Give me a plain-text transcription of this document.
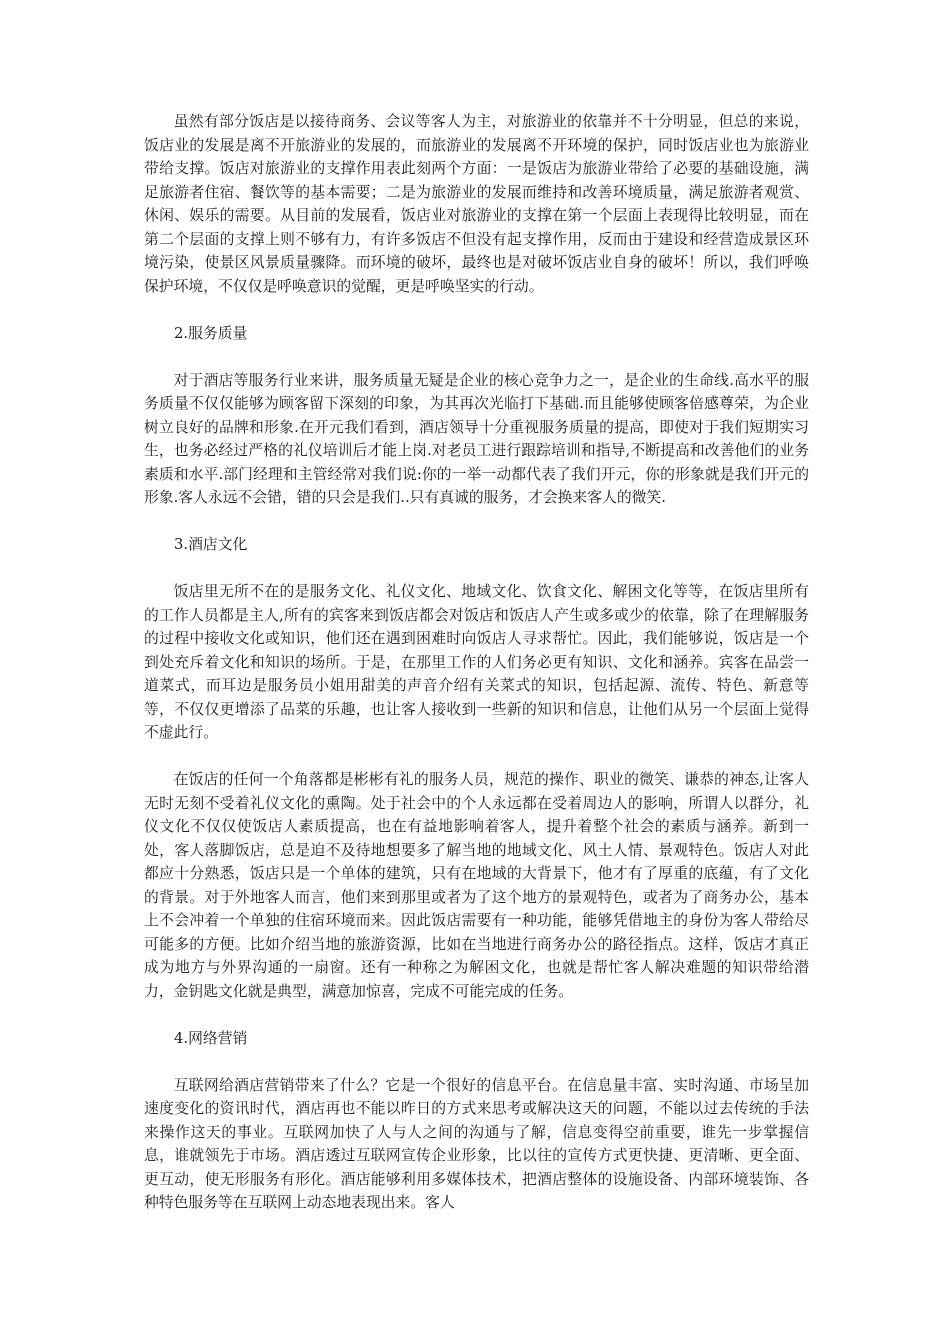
虽然有部分饭店是以接待商务、会议等客人为主，对旅游业的依靠并不十分明显，但总的来说，饭店业的发展是离不开旅游业的发展的，而旅游业的发展离不开环境的保护，同时饭店业也为旅游业带给支撑。饭店对旅游业的支撑作用表此刻两个方面：一是饭店为旅游业带给了必要的基础设施，满足旅游者住宿、餐饮等的基本需要；二是为旅游业的发展而维持和改善环境质量，满足旅游者观赏、休闲、娱乐的需要。从目前的发展看，饭店业对旅游业的支撑在第一个层面上表现得比较明显，而在第二个层面的支撑上则不够有力，有许多饭店不但没有起支撑作用，反而由于建设和经营造成景区环境污染，使景区风景质量骤降。而环境的破坏，最终也是对破坏饭店业自身的破坏！所以，我们呼唤保护环境，不仅仅是呼唤意识的觉醒，更是呼唤坚实的行动。

2.服务质量

对于酒店等服务行业来讲，服务质量无疑是企业的核心竞争力之一，是企业的生命线.高水平的服务质量不仅仅能够为顾客留下深刻的印象，为其再次光临打下基础.而且能够使顾客倍感尊荣，为企业树立良好的品牌和形象.在开元我们看到，酒店领导十分重视服务质量的提高，即使对于我们短期实习生，也务必经过严格的礼仪培训后才能上岗.对老员工进行跟踪培训和指导,不断提高和改善他们的业务素质和水平.部门经理和主管经常对我们说:你的一举一动都代表了我们开元，你的形象就是我们开元的形象.客人永远不会错，错的只会是我们..只有真诚的服务，才会换来客人的微笑.

3.酒店文化

饭店里无所不在的是服务文化、礼仪文化、地域文化、饮食文化、解困文化等等，在饭店里所有的工作人员都是主人,所有的宾客来到饭店都会对饭店和饭店人产生或多或少的依靠，除了在理解服务的过程中接收文化或知识，他们还在遇到困难时向饭店人寻求帮忙。因此，我们能够说，饭店是一个到处充斥着文化和知识的场所。于是，在那里工作的人们务必更有知识、文化和涵养。宾客在品尝一道菜式，而耳边是服务员小姐用甜美的声音介绍有关菜式的知识，包括起源、流传、特色、新意等等，不仅仅更增添了品菜的乐趣，也让客人接收到一些新的知识和信息，让他们从另一个层面上觉得不虚此行。

在饭店的任何一个角落都是彬彬有礼的服务人员，规范的操作、职业的微笑、谦恭的神态,让客人无时无刻不受着礼仪文化的熏陶。处于社会中的个人永远都在受着周边人的影响，所谓人以群分，礼仪文化不仅仅使饭店人素质提高，也在有益地影响着客人，提升着整个社会的素质与涵养。新到一处，客人落脚饭店，总是迫不及待地想要多了解当地的地域文化、风土人情、景观特色。饭店人对此都应十分熟悉，饭店只是一个单体的建筑，只有在地域的大背景下，他才有了厚重的底蕴，有了文化的背景。对于外地客人而言，他们来到那里或者为了这个地方的景观特色，或者为了商务办公，基本上不会冲着一个单独的住宿环境而来。因此饭店需要有一种功能，能够凭借地主的身份为客人带给尽可能多的方便。比如介绍当地的旅游资源，比如在当地进行商务办公的路径指点。这样，饭店才真正成为地方与外界沟通的一扇窗。还有一种称之为解困文化，也就是帮忙客人解决难题的知识带给潜力，金钥匙文化就是典型，满意加惊喜，完成不可能完成的任务。

4.网络营销

互联网给酒店营销带来了什么？它是一个很好的信息平台。在信息量丰富、实时沟通、市场呈加速度变化的资讯时代，酒店再也不能以昨日的方式来思考或解决这天的问题，不能以过去传统的手法来操作这天的事业。互联网加快了人与人之间的沟通与了解，信息变得空前重要，谁先一步掌握信息，谁就领先于市场。酒店透过互联网宣传企业形象，比以往的宣传方式更快捷、更清晰、更全面、更互动，使无形服务有形化。酒店能够利用多媒体技术，把酒店整体的设施设备、内部环境装饰、各种特色服务等在互联网上动态地表现出来。客人
